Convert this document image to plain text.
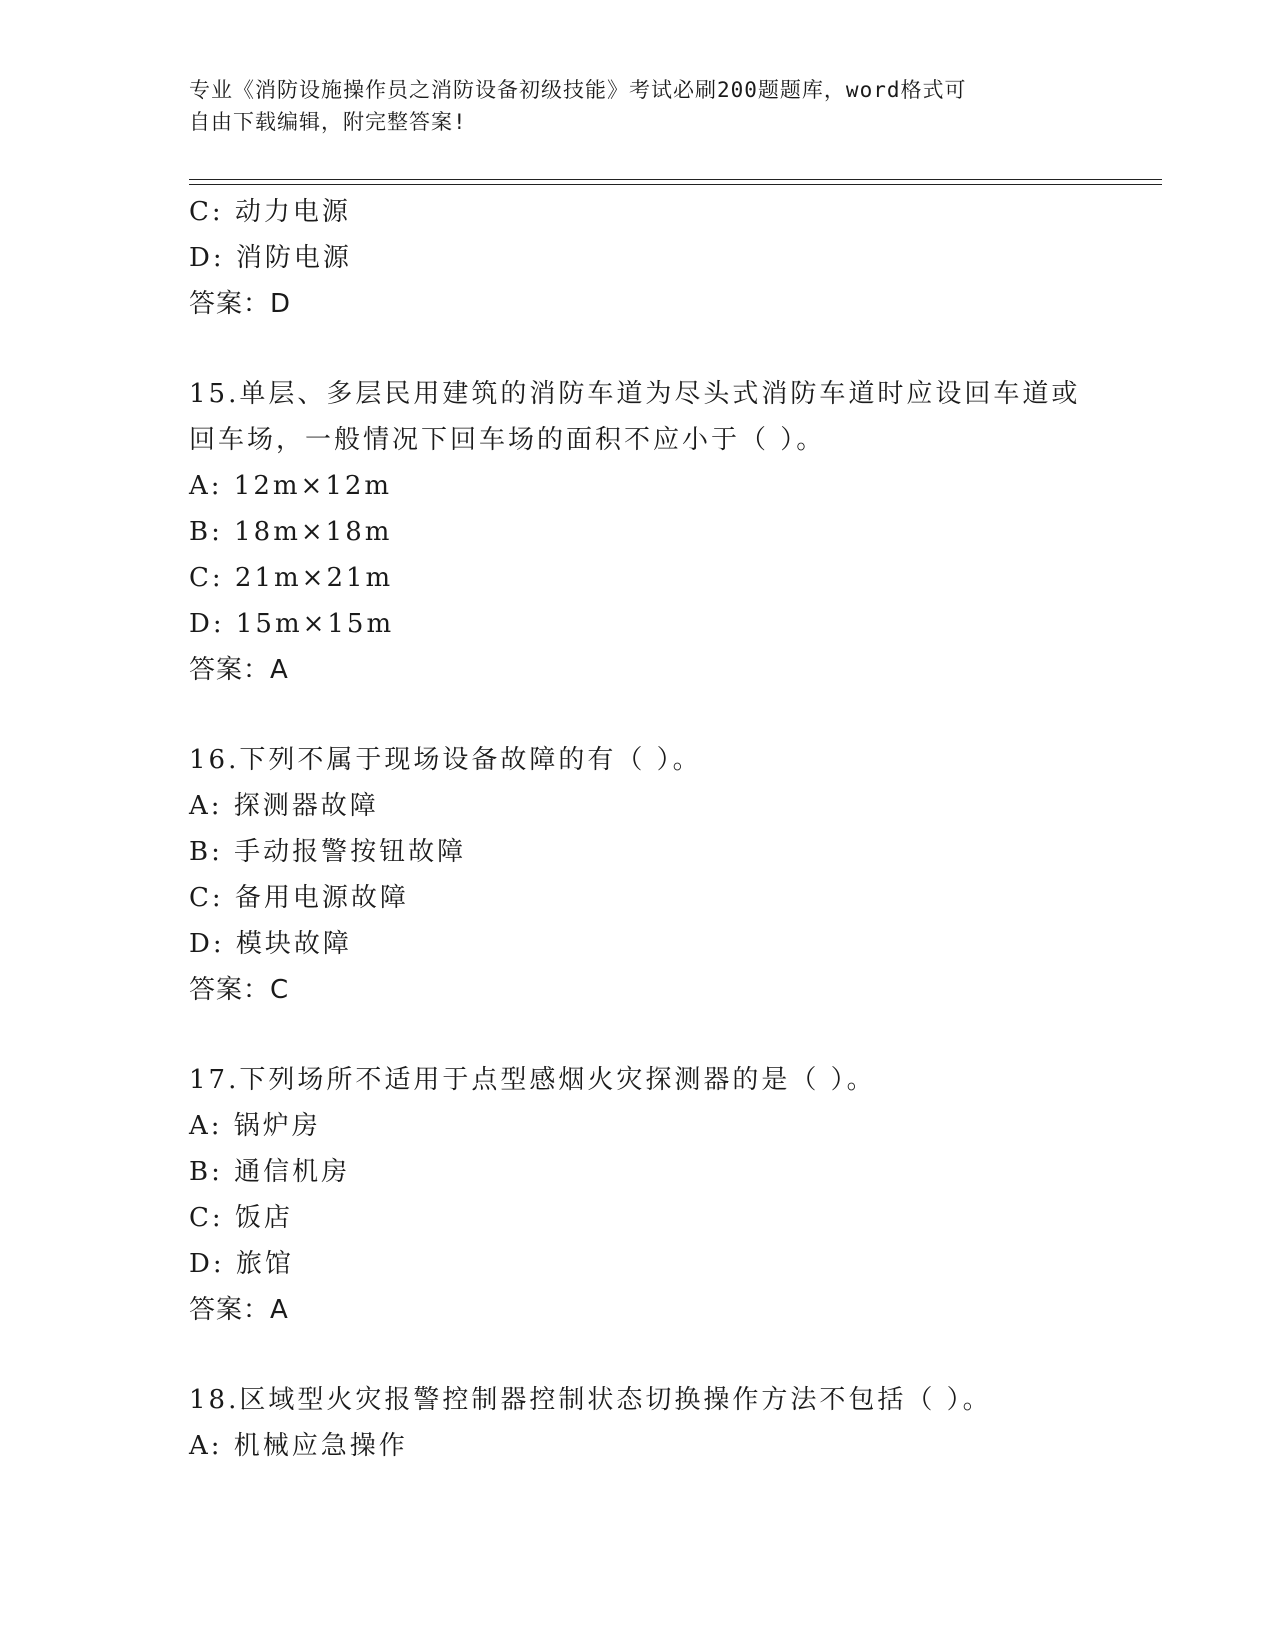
专业《消防设施操作员之消防设备初级技能》考试必刷200题题库，word格式可
自由下载编辑，附完整答案!
C: 动力电源
D: 消防电源
答案：D
15.单层、多层民用建筑的消防车道为尽头式消防车道时应设回车道或
回车场，一般情况下回车场的面积不应小于（ ）。
A: 12m×12m
B: 18m×18m
C: 21m×21m
D: 15m×15m
答案：A
16.下列不属于现场设备故障的有（ ）。
A: 探测器故障
B: 手动报警按钮故障
C: 备用电源故障
D: 模块故障
答案：C
17.下列场所不适用于点型感烟火灾探测器的是（ ）。
A: 锅炉房
B: 通信机房
C: 饭店
D: 旅馆
答案：A
18.区域型火灾报警控制器控制状态切换操作方法不包括（ ）。
A: 机械应急操作
